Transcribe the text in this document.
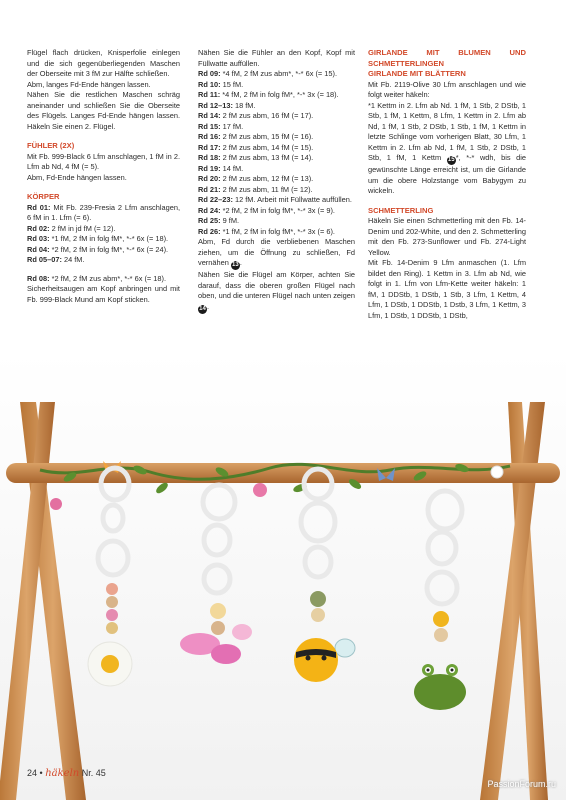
Flügel flach drücken, Knisperfolie einlegen und die sich gegenüberliegenden Maschen der Oberseite mit 3 fM zur Hälfte schließen.

Abm, langes Fd-Ende hängen lassen.

Nähen Sie die restlichen Maschen schräg aneinander und schließen Sie die Oberseite des Flügels. Langes Fd-Ende hängen lassen. Häkeln Sie einen 2. Flügel.

FÜHLER (2X)

Mit Fb. 999-Black 6 Lfm anschlagen, 1 fM in 2. Lfm ab Nd, 4 fM (= 5).

Abm, Fd-Ende hängen lassen.

KÖRPER

Rd 01: Mit Fb. 239-Fresia 2 Lfm anschlagen, 6 fM in 1. Lfm (= 6).

Rd 02: 2 fM in jd fM (= 12).

Rd 03: *1 fM, 2 fM in folg fM*, *-* 6x (= 18).

Rd 04: *2 fM, 2 fM in folg fM*, *-* 6x (= 24).

Rd 05–07: 24 fM.

Rd 08: *2 fM, 2 fM zus abm*, *-* 6x (= 18).

Sicherheitsaugen am Kopf anbringen und mit Fb. 999-Black Mund am Kopf sticken.

Nähen Sie die Fühler an den Kopf, Kopf mit Füllwatte auffüllen.

Rd 09: *4 fM, 2 fM zus abm*, *-* 6x (= 15).

Rd 10: 15 fM.

Rd 11: *4 fM, 2 fM in folg fM*, *-* 3x (= 18).

Rd 12–13: 18 fM.

Rd 14: 2 fM zus abm, 16 fM (= 17).

Rd 15: 17 fM.

Rd 16: 2 fM zus abm, 15 fM (= 16).

Rd 17: 2 fM zus abm, 14 fM (= 15).

Rd 18: 2 fM zus abm, 13 fM (= 14).

Rd 19: 14 fM.

Rd 20: 2 fM zus abm, 12 fM (= 13).

Rd 21: 2 fM zus abm, 11 fM (= 12).

Rd 22–23: 12 fM. Arbeit mit Füllwatte auffüllen.

Rd 24: *2 fM, 2 fM in folg fM*, *-* 3x (= 9).

Rd 25: 9 fM.

Rd 26: *1 fM, 2 fM in folg fM*, *-* 3x (= 6).

Abm, Fd durch die verbliebenen Maschen ziehen, um die Öffnung zu schließen, Fd vernähen 13.

Nähen Sie die Flügel am Körper, achten Sie darauf, dass die oberen großen Flügel nach oben, und die unteren Flügel nach unten zeigen 14.

GIRLANDE MIT BLUMEN UND SCHMETTERLINGEN

GIRLANDE MIT BLÄTTERN

Mit Fb. 2119-Olive 30 Lfm anschlagen und wie folgt weiter häkeln:

*1 Kettm in 2. Lfm ab Nd. 1 fM, 1 Stb, 2 DStb, 1 Stb, 1 fM, 1 Kettm, 8 Lfm, 1 Kettm in 2. Lfm ab Nd, 1 fM, 1 Stb, 2 DStb, 1 Stb, 1 fM, 1 Kettm in letzte Schlinge vom vorherigen Blatt, 30 Lfm, 1 Kettm in 2. Lfm ab Nd, 1 fM, 1 Stb, 2 DStb, 1 Stb, 1 fM, 1 Kettm 15*, *-* wdh, bis die gewünschte Länge erreicht ist, um die Girlande um die obere Holzstange vom Babygym zu wickeln.

SCHMETTERLING

Häkeln Sie einen Schmetterling mit den Fb. 14-Denim und 202-White, und den 2. Schmetterling mit den Fb. 273-Sunflower und Fb. 274-Light Yellow.

Mit Fb. 14-Denim 9 Lfm anmaschen (1. Lfm bildet den Ring). 1 Kettm in 3. Lfm ab Nd, wie folgt in 1. Lfm von Lfm-Kette weiter häkeln: 1 fM, 1 DDStb, 1 DStb, 1 Stb, 3 Lfm, 1 Kettm, 4 Lfm, 1 DStb, 1 DDStb, 1 Dstb, 3 Lfm, 1 Kettm, 3 Lfm, 1 DStb, 1 DDStb, 1 DStb,

24 • häkeln Nr. 45
PassionForum.ru
